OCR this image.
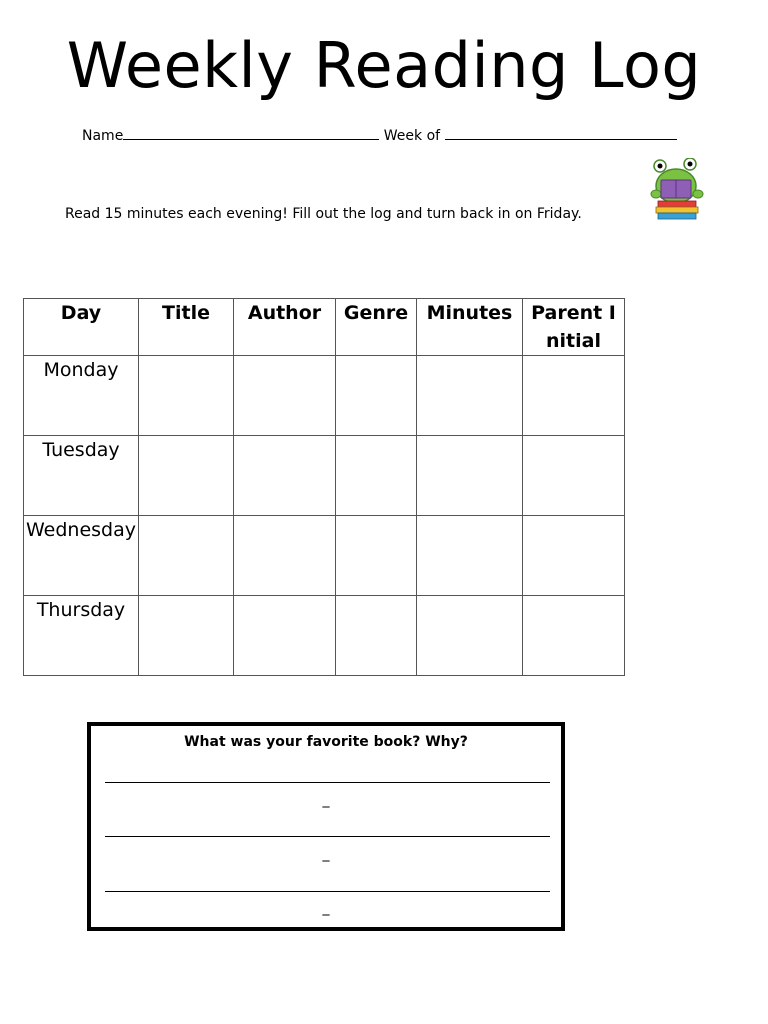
Weekly Reading Log
Name	Week of
Read 15 minutes each evening! Fill out the log and turn back in on Friday.
Day	Title	Author	Genre	Minutes	Parent Initial
Monday					
Tuesday					
Wednesday					
Thursday					
What was your favorite book? Why?
_
_
_
